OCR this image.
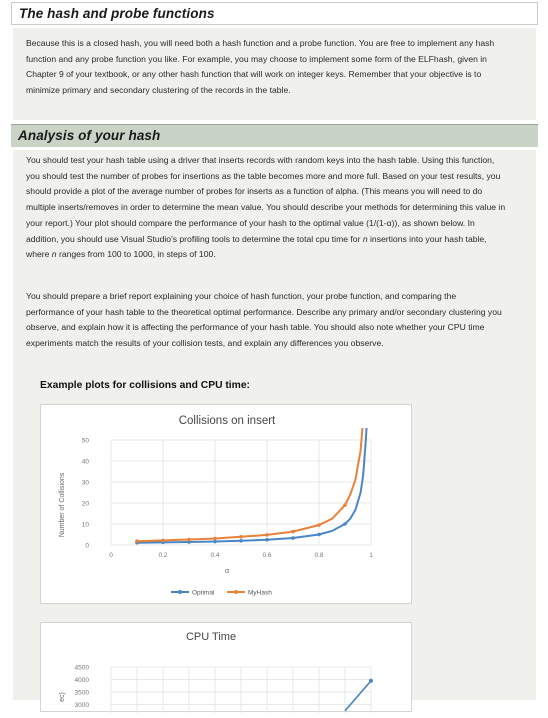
The hash and probe functions

Because this is a closed hash, you will need both a hash function and a probe function. You are free to implement any hash function and any probe function you like. For example, you may choose to implement some form of the ELFhash, given in Chapter 9 of your textbook, or any other hash function that will work on integer keys. Remember that your objective is to minimize primary and secondary clustering of the records in the table.

Analysis of your hash

You should test your hash table using a driver that inserts records with random keys into the hash table. Using this function, you should test the number of probes for insertions as the table becomes more and more full. Based on your test results, you should provide a plot of the average number of probes for inserts as a function of alpha. (This means you will need to do multiple inserts/removes in order to determine the mean value. You should describe your methods for determining this value in your report.) Your plot should compare the performance of your hash to the optimal value (1/(1-α)), as shown below. In addition, you should use Visual Studio's profiling tools to determine the total cpu time for n insertions into your hash table, where n ranges from 100 to 1000, in steps of 100.

You should prepare a brief report explaining your choice of hash function, your probe function, and comparing the performance of your hash table to the theoretical optimal performance. Describe any primary and/or secondary clustering you observe, and explain how it is affecting the performance of your hash table. You should also note whether your CPU time experiments match the results of your collision tests, and explain any differences you observe.

Example plots for collisions and CPU time:
Collisions on insert
0
10
20
30
40
50
0	0.2	0.4	0.6	0.8	1
Number of Collisions
α
Optimal	MyHash
CPU Time
4500
4000
3500
3000
ec)
